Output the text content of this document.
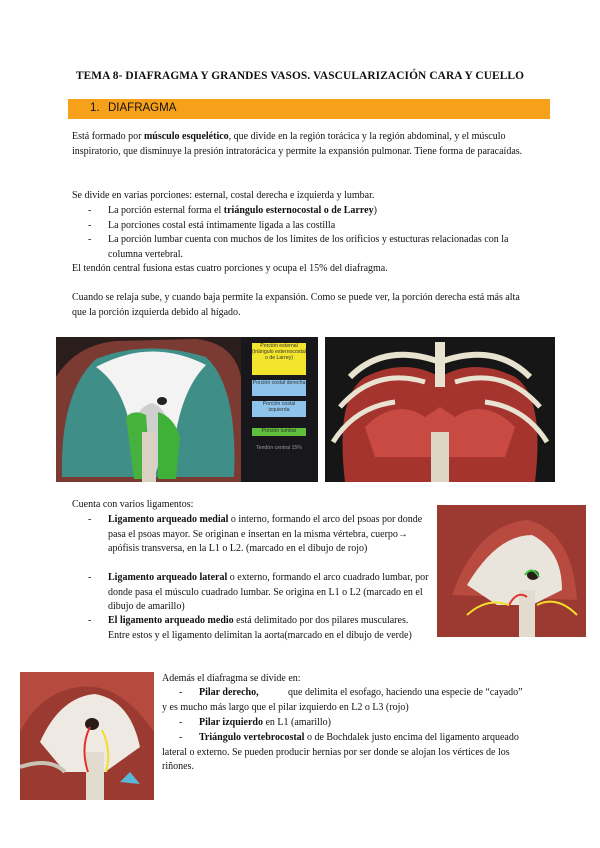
TEMA 8- DIAFRAGMA Y GRANDES VASOS. VASCULARIZACIÓN CARA Y CUELLO
1. DIAFRAGMA
Está formado por músculo esquelético, que divide en la región torácica y la región abdominal, y el músculo inspiratorio, que disminuye la presión intratorácica y permite la expansión pulmonar. Tiene forma de paracaídas.
Se divide en varias porciones: esternal, costal derecha e izquierda y lumbar.
- La porción esternal forma el triángulo esternocostal o de Larrey)
- La porciones costal está íntimamente ligada a las costilla
- La porción lumbar cuenta con muchos de los límites de los orificios y estucturas relacionadas con la columna vertebral.
El tendón central fusiona estas cuatro porciones y ocupa el 15% del diafragma.
Cuando se relaja sube, y cuando baja permite la expansión. Como se puede ver, la porción derecha está más alta que la porción izquierda debido al hígado.
Porción esternal (triángulo esternocostal o de Larrey)
Porción costal derecha
Porción costal izquierda
Porción lumbar
Tendón central 15%
Cuenta con varios ligamentos:
- Ligamento arqueado medial o interno, formando el arco del psoas por donde pasa el psoas mayor. Se originan e insertan en la misma vértebra, cuerpo→ apófisis transversa, en la L1 o L2. (marcado en el dibujo de rojo)
- Ligamento arqueado lateral o externo, formando el arco cuadrado lumbar, por donde pasa el músculo cuadrado lumbar. Se origina en L1 o L2 (marcado en el dibujo de amarillo)
- El ligamento arqueado medio está delimitado por dos pilares musculares. Entre estos y el ligamento delimitan la aorta(marcado en el dibujo de verde)
Además el diafragma se divide en:
- Pilar derecho,	que delimita el esofago, haciendo una especie de “cayado” y es mucho más largo que el pilar izquierdo en L2 o L3 (rojo)
- Pilar izquierdo en L1 (amarillo)
-	Triángulo vertebrocostal o de Bochdalek justo encima del ligamento arqueado lateral o externo. Se pueden producir hernias por ser donde se alojan los vértices de los riñones.
